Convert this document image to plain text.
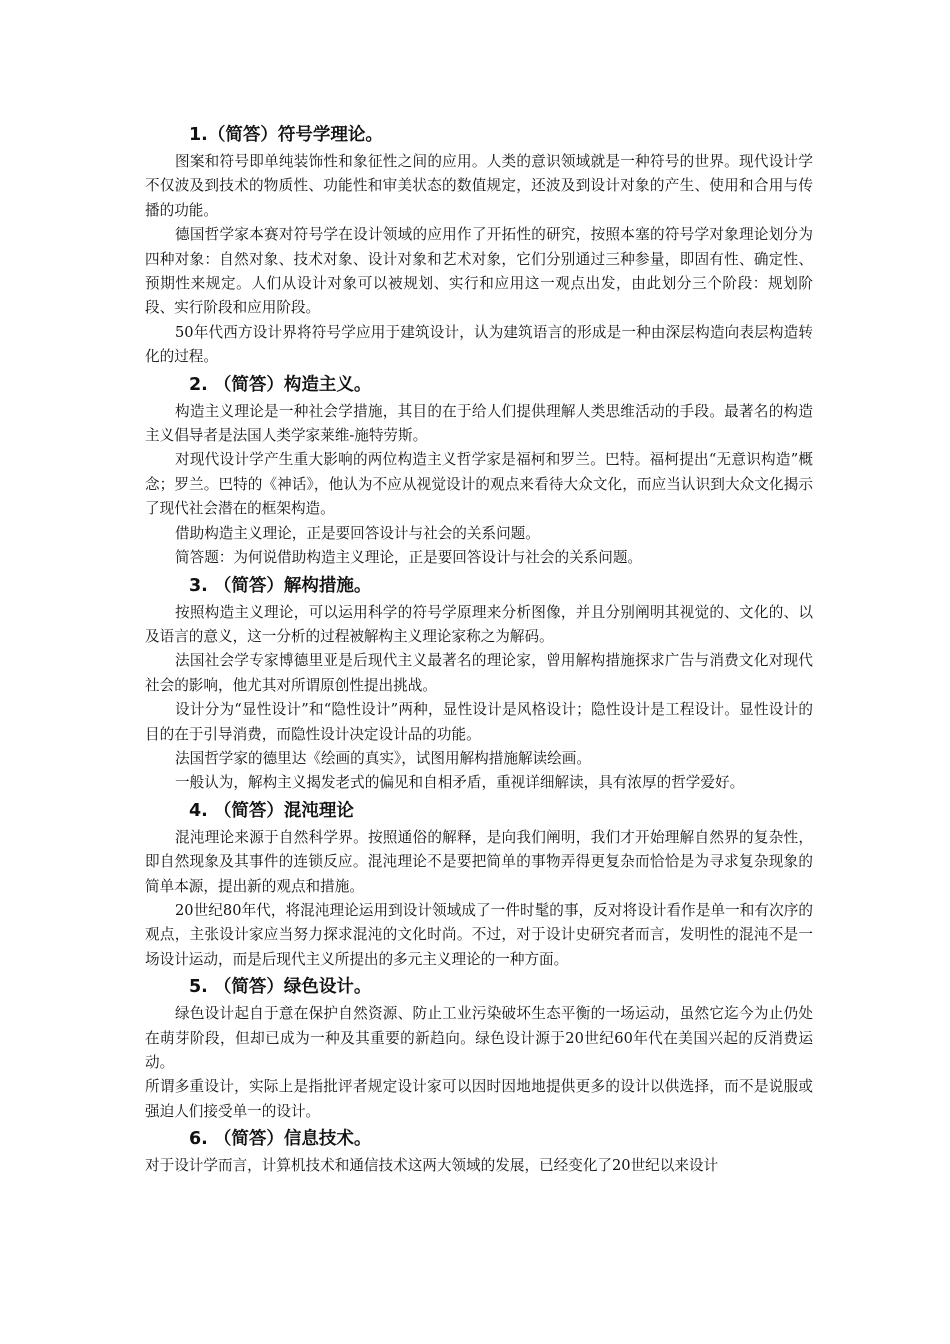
1.（简答）符号学理论。

图案和符号即单纯装饰性和象征性之间的应用。人类的意识领域就是一种符号的世界。现代设计学不仅波及到技术的物质性、功能性和审美状态的数值规定，还波及到设计对象的产生、使用和合用与传播的功能。

德国哲学家本赛对符号学在设计领域的应用作了开拓性的研究，按照本塞的符号学对象理论划分为四种对象：自然对象、技术对象、设计对象和艺术对象，它们分别通过三种参量，即固有性、确定性、预期性来规定。人们从设计对象可以被规划、实行和应用这一观点出发，由此划分三个阶段：规划阶段、实行阶段和应用阶段。

50年代西方设计界将符号学应用于建筑设计，认为建筑语言的形成是一种由深层构造向表层构造转化的过程。

2. （简答）构造主义。

构造主义理论是一种社会学措施，其目的在于给人们提供理解人类思维活动的手段。最著名的构造主义倡导者是法国人类学家莱维-施特劳斯。

对现代设计学产生重大影响的两位构造主义哲学家是福柯和罗兰。巴特。福柯提出“无意识构造”概念；罗兰。巴特的《神话》，他认为不应从视觉设计的观点来看待大众文化，而应当认识到大众文化揭示了现代社会潜在的框架构造。

借助构造主义理论，正是要回答设计与社会的关系问题。

简答题：为何说借助构造主义理论，正是要回答设计与社会的关系问题。

3. （简答）解构措施。

按照构造主义理论，可以运用科学的符号学原理来分析图像，并且分别阐明其视觉的、文化的、以及语言的意义，这一分析的过程被解构主义理论家称之为解码。

法国社会学专家博德里亚是后现代主义最著名的理论家，曾用解构措施探求广告与消费文化对现代社会的影响，他尤其对所谓原创性提出挑战。

设计分为“显性设计”和“隐性设计”两种，显性设计是风格设计；隐性设计是工程设计。显性设计的目的在于引导消费，而隐性设计决定设计品的功能。

法国哲学家的德里达《绘画的真实》，试图用解构措施解读绘画。

一般认为，解构主义揭发老式的偏见和自相矛盾，重视详细解读，具有浓厚的哲学爱好。

4. （简答）混沌理论

混沌理论来源于自然科学界。按照通俗的解释，是向我们阐明，我们才开始理解自然界的复杂性，即自然现象及其事件的连锁反应。混沌理论不是要把简单的事物弄得更复杂而恰恰是为寻求复杂现象的简单本源，提出新的观点和措施。

20世纪80年代，将混沌理论运用到设计领域成了一件时髦的事，反对将设计看作是单一和有次序的观点，主张设计家应当努力探求混沌的文化时尚。不过，对于设计史研究者而言，发明性的混沌不是一场设计运动，而是后现代主义所提出的多元主义理论的一种方面。

5. （简答）绿色设计。

绿色设计起自于意在保护自然资源、防止工业污染破坏生态平衡的一场运动，虽然它迄今为止仍处在萌芽阶段，但却已成为一种及其重要的新趋向。绿色设计源于20世纪60年代在美国兴起的反消费运动。

所谓多重设计，实际上是指批评者规定设计家可以因时因地地提供更多的设计以供选择，而不是说服或强迫人们接受单一的设计。

6. （简答）信息技术。

对于设计学而言，计算机技术和通信技术这两大领域的发展，已经变化了20世纪以来设计
